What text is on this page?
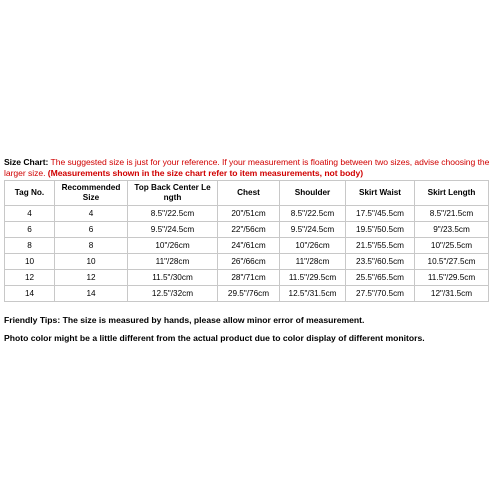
Size Chart: The suggested size is just for your reference. If your measurement is floating between two sizes, advise choosing the larger size. (Measurements shown in the size chart refer to item measurements, not body)
Tag No.	Recommended Size	Top Back Center Le ngth	Chest	Shoulder	Skirt Waist	Skirt Length
4	4	8.5"/22.5cm	20"/51cm	8.5"/22.5cm	17.5"/45.5cm	8.5"/21.5cm
6	6	9.5"/24.5cm	22"/56cm	9.5"/24.5cm	19.5"/50.5cm	9"/23.5cm
8	8	10"/26cm	24"/61cm	10"/26cm	21.5"/55.5cm	10"/25.5cm
10	10	11"/28cm	26"/66cm	11"/28cm	23.5"/60.5cm	10.5"/27.5cm
12	12	11.5"/30cm	28"/71cm	11.5"/29.5cm	25.5"/65.5cm	11.5"/29.5cm
14	14	12.5"/32cm	29.5"/76cm	12.5"/31.5cm	27.5"/70.5cm	12"/31.5cm
Friendly Tips: The size is measured by hands, please allow minor error of measurement.
Photo color might be a little different from the actual product due to color display of different monitors.
